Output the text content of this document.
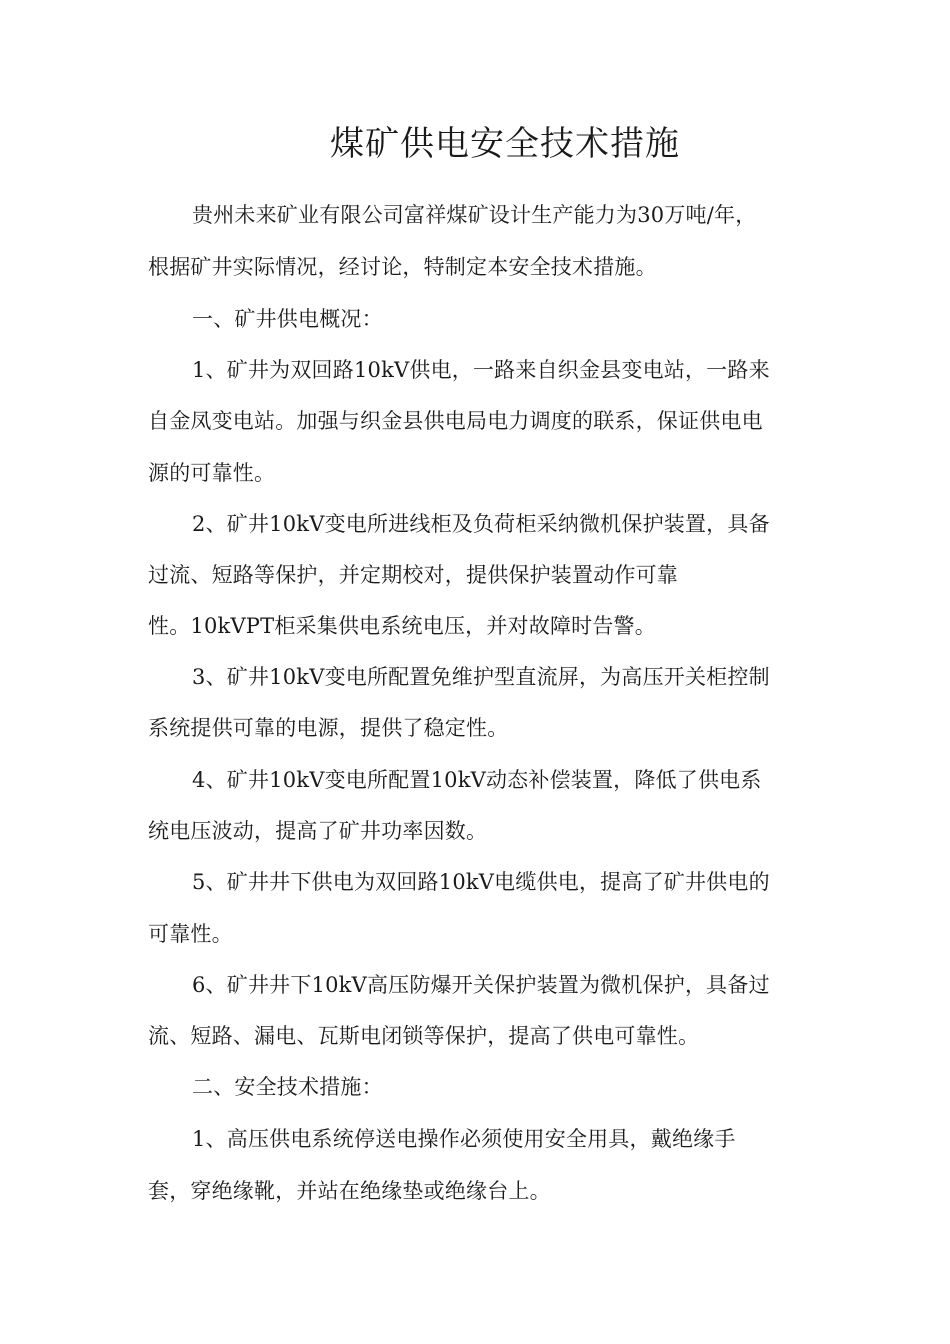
煤矿供电安全技术措施
贵州未来矿业有限公司富祥煤矿设计生产能力为30万吨/年，
根据矿井实际情况，经讨论，特制定本安全技术措施。
一、矿井供电概况：
1、矿井为双回路10kV供电，一路来自织金县变电站，一路来
自金凤变电站。加强与织金县供电局电力调度的联系，保证供电电
源的可靠性。
2、矿井10kV变电所进线柜及负荷柜采纳微机保护装置，具备
过流、短路等保护，并定期校对，提供保护装置动作可靠
性。10kVPT柜采集供电系统电压，并对故障时告警。
3、矿井10kV变电所配置免维护型直流屏，为高压开关柜控制
系统提供可靠的电源，提供了稳定性。
4、矿井10kV变电所配置10kV动态补偿装置，降低了供电系
统电压波动，提高了矿井功率因数。
5、矿井井下供电为双回路10kV电缆供电，提高了矿井供电的
可靠性。
6、矿井井下10kV高压防爆开关保护装置为微机保护，具备过
流、短路、漏电、瓦斯电闭锁等保护，提高了供电可靠性。
二、安全技术措施：
1、高压供电系统停送电操作必须使用安全用具，戴绝缘手
套，穿绝缘靴，并站在绝缘垫或绝缘台上。
